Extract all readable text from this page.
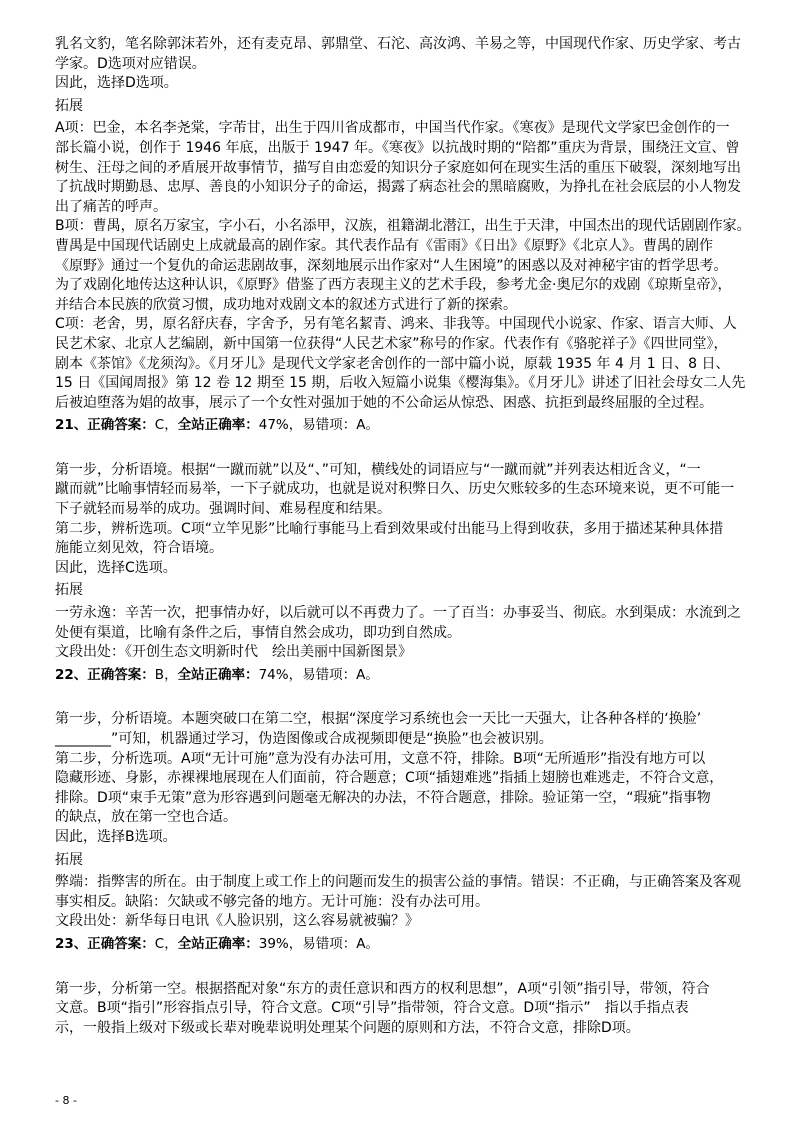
乳名文豹，笔名除郭沫若外，还有麦克昂、郭鼎堂、石沱、高汝鸿、羊易之等，中国现代作家、历史学家、考古
学家。D选项对应错误。
因此，选择D选项。
拓展
A项：巴金，本名李尧棠，字芾甘，出生于四川省成都市，中国当代作家。《寒夜》是现代文学家巴金创作的一
部长篇小说，创作于 1946 年底，出版于 1947 年。《寒夜》以抗战时期的“陪都”重庆为背景，围绕汪文宣、曾
树生、汪母之间的矛盾展开故事情节，描写自由恋爱的知识分子家庭如何在现实生活的重压下破裂，深刻地写出
了抗战时期勤恳、忠厚、善良的小知识分子的命运，揭露了病态社会的黑暗腐败，为挣扎在社会底层的小人物发
出了痛苦的呼声。
B项：曹禺，原名万家宝，字小石，小名添甲，汉族，祖籍湖北潜江，出生于天津，中国杰出的现代话剧剧作家。
曹禺是中国现代话剧史上成就最高的剧作家。其代表作品有《雷雨》《日出》《原野》《北京人》。曹禺的剧作
《原野》通过一个复仇的命运悲剧故事，深刻地展示出作家对“人生困境”的困惑以及对神秘宇宙的哲学思考。
为了戏剧化地传达这种认识，《原野》借鉴了西方表现主义的艺术手段，参考尤金·奥尼尔的戏剧《琼斯皇帝》，
并结合本民族的欣赏习惯，成功地对戏剧文本的叙述方式进行了新的探索。
C项：老舍，男，原名舒庆春，字舍予，另有笔名絜青、鸿来、非我等。中国现代小说家、作家、语言大师、人
民艺术家、北京人艺编剧，新中国第一位获得“人民艺术家”称号的作家。代表作有《骆驼祥子》《四世同堂》，
剧本《茶馆》《龙须沟》。《月牙儿》是现代文学家老舍创作的一部中篇小说，原载 1935 年 4 月 1 日、8 日、
15 日《国闻周报》第 12 卷 12 期至 15 期，后收入短篇小说集《樱海集》。《月牙儿》讲述了旧社会母女二人先
后被迫堕落为娼的故事，展示了一个女性对强加于她的不公命运从惊恐、困惑、抗拒到最终屈服的全过程。
21、正确答案：C，全站正确率：47%，易错项：A。
第一步，分析语境。根据“一蹴而就”以及“、”可知，横线处的词语应与“一蹴而就”并列表达相近含义，“一
蹴而就”比喻事情轻而易举，一下子就成功，也就是说对积弊日久、历史欠账较多的生态环境来说，更不可能一
下子就轻而易举的成功。强调时间、难易程度和结果。
第二步，辨析选项。C项“立竿见影”比喻行事能马上看到效果或付出能马上得到收获，多用于描述某种具体措
施能立刻见效，符合语境。
因此，选择C选项。
拓展
一劳永逸：辛苦一次，把事情办好，以后就可以不再费力了。一了百当：办事妥当、彻底。水到渠成：水流到之
处便有渠道，比喻有条件之后，事情自然会成功，即功到自然成。
文段出处：《开创生态文明新时代　绘出美丽中国新图景》
22、正确答案：B，全站正确率：74%，易错项：A。
第一步，分析语境。本题突破口在第二空，根据“深度学习系统也会一天比一天强大，让各种各样的‘换脸’
________”可知，机器通过学习，伪造图像或合成视频即便是“换脸”也会被识别。
第二步，分析选项。A项“无计可施”意为没有办法可用，文意不符，排除。B项“无所遁形”指没有地方可以
隐藏形迹、身影，赤裸裸地展现在人们面前，符合题意；C项“插翅难逃”指插上翅膀也难逃走，不符合文意，
排除。D项“束手无策”意为形容遇到问题毫无解决的办法，不符合题意，排除。验证第一空，“瑕疵”指事物
的缺点，放在第一空也合适。
因此，选择B选项。
拓展
弊端：指弊害的所在。由于制度上或工作上的问题而发生的损害公益的事情。错误：不正确，与正确答案及客观
事实相反。缺陷：欠缺或不够完备的地方。无计可施：没有办法可用。
文段出处：新华每日电讯《人脸识别，这么容易就被骗？》
23、正确答案：C，全站正确率：39%，易错项：A。
第一步，分析第一空。根据搭配对象“东方的责任意识和西方的权利思想”，A项“引领”指引导，带领，符合
文意。B项“指引”形容指点引导，符合文意。C项“引导”指带领，符合文意。D项“指示”　指以手指点表
示，一般指上级对下级或长辈对晚辈说明处理某个问题的原则和方法，不符合文意，排除D项。
- 8 -
